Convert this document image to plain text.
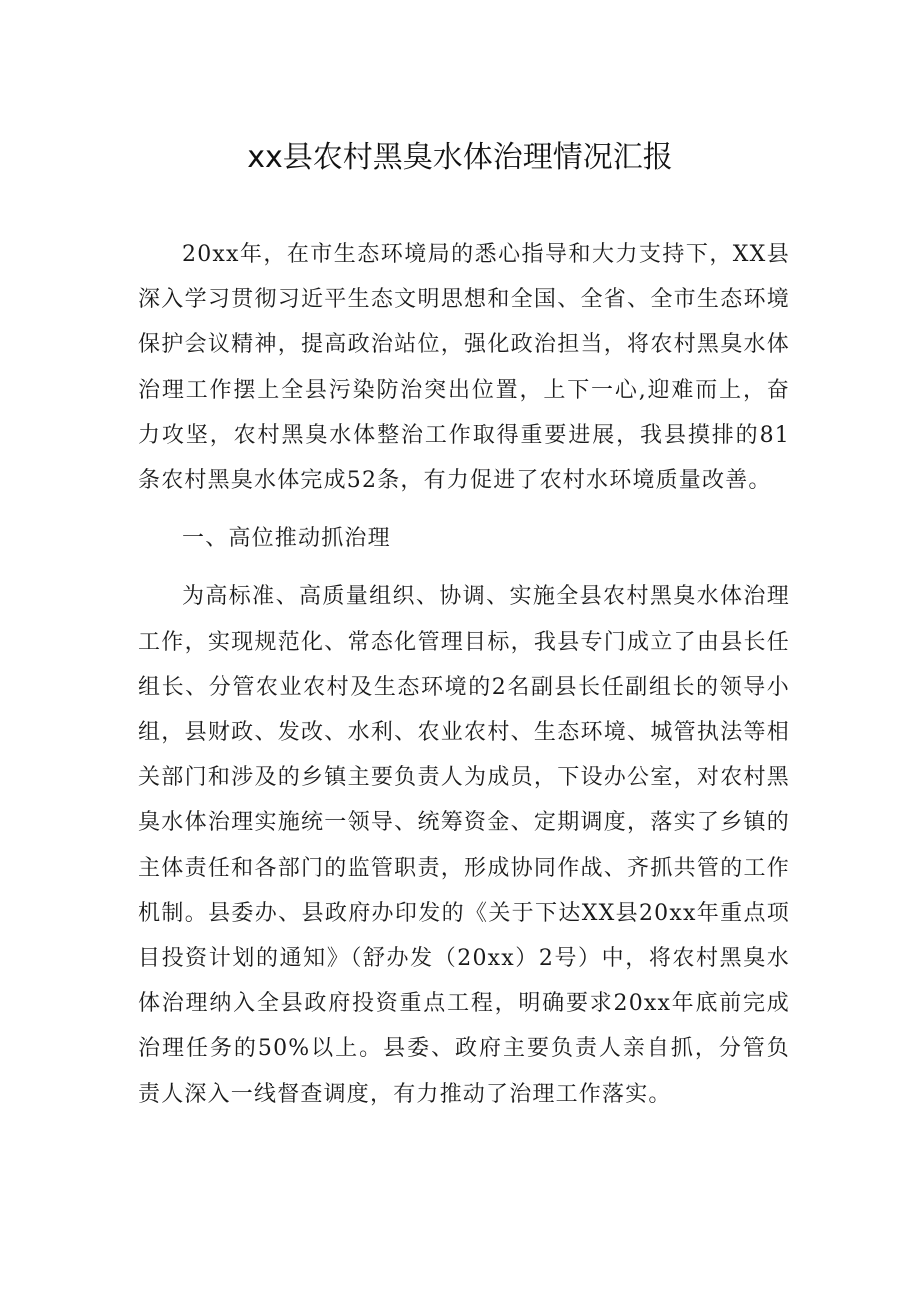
xx县农村黑臭水体治理情况汇报

20xx年，在市生态环境局的悉心指导和大力支持下，XX县深入学习贯彻习近平生态文明思想和全国、全省、全市生态环境保护会议精神，提高政治站位，强化政治担当，将农村黑臭水体治理工作摆上全县污染防治突出位置，上下一心,迎难而上，奋力攻坚，农村黑臭水体整治工作取得重要进展，我县摸排的81条农村黑臭水体完成52条，有力促进了农村水环境质量改善。

一、高位推动抓治理

为高标准、高质量组织、协调、实施全县农村黑臭水体治理工作，实现规范化、常态化管理目标，我县专门成立了由县长任组长、分管农业农村及生态环境的2名副县长任副组长的领导小组，县财政、发改、水利、农业农村、生态环境、城管执法等相关部门和涉及的乡镇主要负责人为成员，下设办公室，对农村黑臭水体治理实施统一领导、统筹资金、定期调度，落实了乡镇的主体责任和各部门的监管职责，形成协同作战、齐抓共管的工作机制。县委办、县政府办印发的《关于下达XX县20xx年重点项目投资计划的通知》（舒办发（20xx）2号）中，将农村黑臭水体治理纳入全县政府投资重点工程，明确要求20xx年底前完成治理任务的50%以上。县委、政府主要负责人亲自抓，分管负责人深入一线督查调度，有力推动了治理工作落实。
